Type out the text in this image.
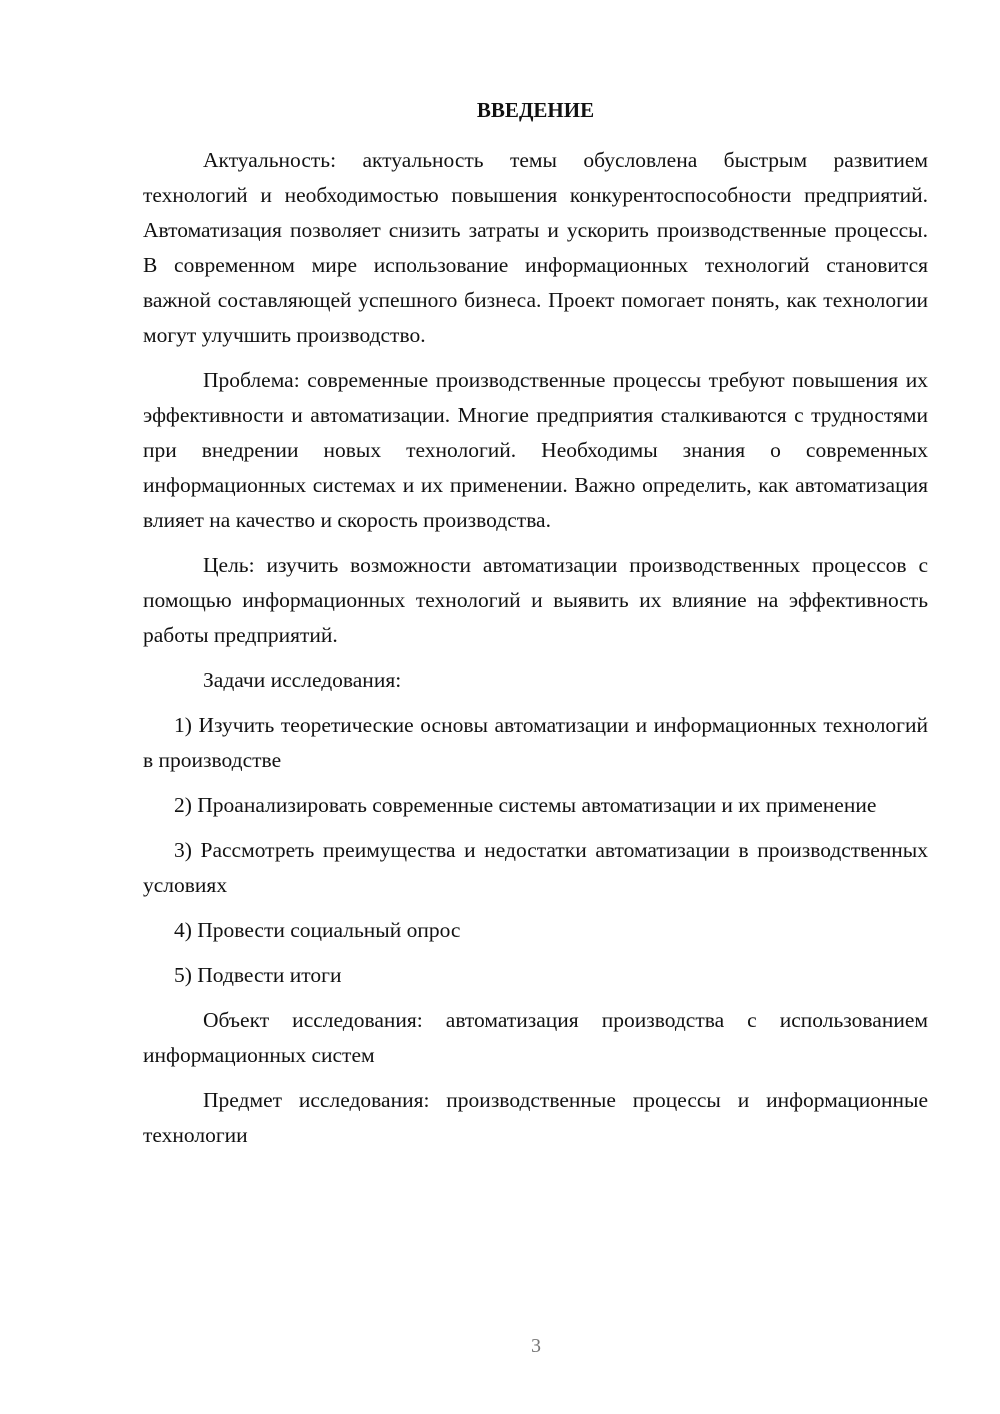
ВВЕДЕНИЕ

Актуальность: актуальность темы обусловлена быстрым развитием технологий и необходимостью повышения конкурентоспособности предприятий. Автоматизация позволяет снизить затраты и ускорить производственные процессы. В современном мире использование информационных технологий становится важной составляющей успешного бизнеса. Проект помогает понять, как технологии могут улучшить производство.

Проблема: современные производственные процессы требуют повышения их эффективности и автоматизации. Многие предприятия сталкиваются с трудностями при внедрении новых технологий. Необходимы знания о современных информационных системах и их применении. Важно определить, как автоматизация влияет на качество и скорость производства.

Цель: изучить возможности автоматизации производственных процессов с помощью информационных технологий и выявить их влияние на эффективность работы предприятий.

Задачи исследования:

1) Изучить теоретические основы автоматизации и информационных технологий в производстве

2) Проанализировать современные системы автоматизации и их применение

3) Рассмотреть преимущества и недостатки автоматизации в производственных условиях

4) Провести социальный опрос

5) Подвести итоги

Объект исследования: автоматизация производства с использованием информационных систем

Предмет исследования: производственные процессы и информационные технологии

3
